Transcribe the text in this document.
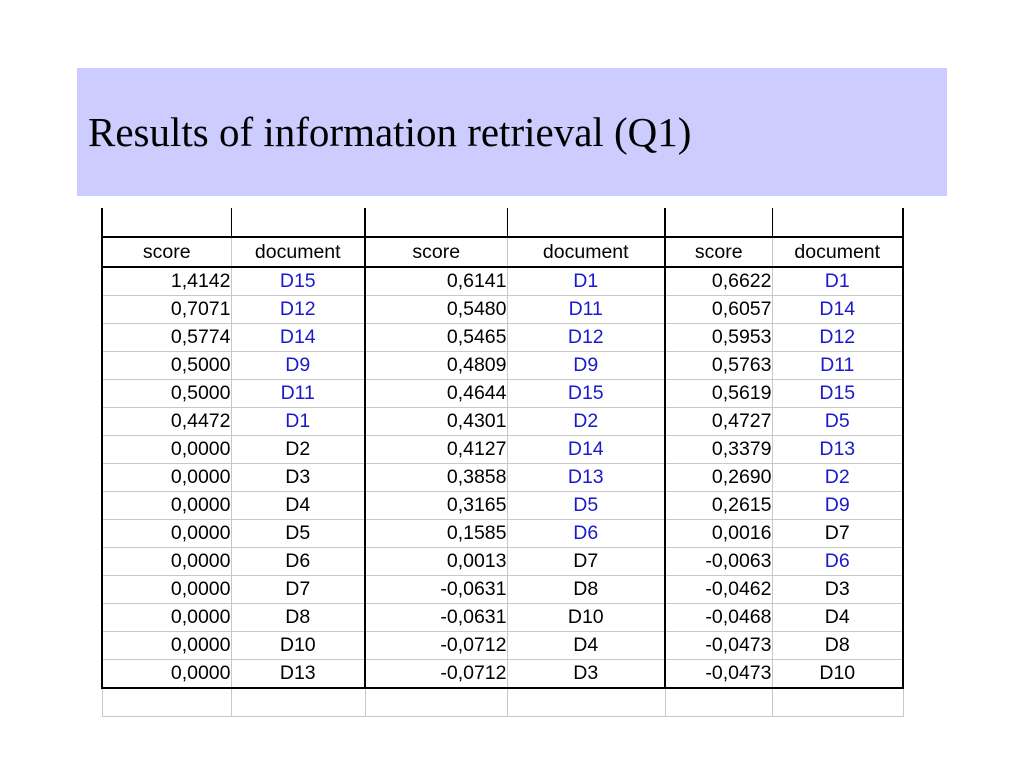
Results of information retrieval (Q1)

score	document	score	document	score	document
1,4142	D15	0,6141	D1	0,6622	D1
0,7071	D12	0,5480	D11	0,6057	D14
0,5774	D14	0,5465	D12	0,5953	D12
0,5000	D9	0,4809	D9	0,5763	D11
0,5000	D11	0,4644	D15	0,5619	D15
0,4472	D1	0,4301	D2	0,4727	D5
0,0000	D2	0,4127	D14	0,3379	D13
0,0000	D3	0,3858	D13	0,2690	D2
0,0000	D4	0,3165	D5	0,2615	D9
0,0000	D5	0,1585	D6	0,0016	D7
0,0000	D6	0,0013	D7	-0,0063	D6
0,0000	D7	-0,0631	D8	-0,0462	D3
0,0000	D8	-0,0631	D10	-0,0468	D4
0,0000	D10	-0,0712	D4	-0,0473	D8
0,0000	D13	-0,0712	D3	-0,0473	D10
